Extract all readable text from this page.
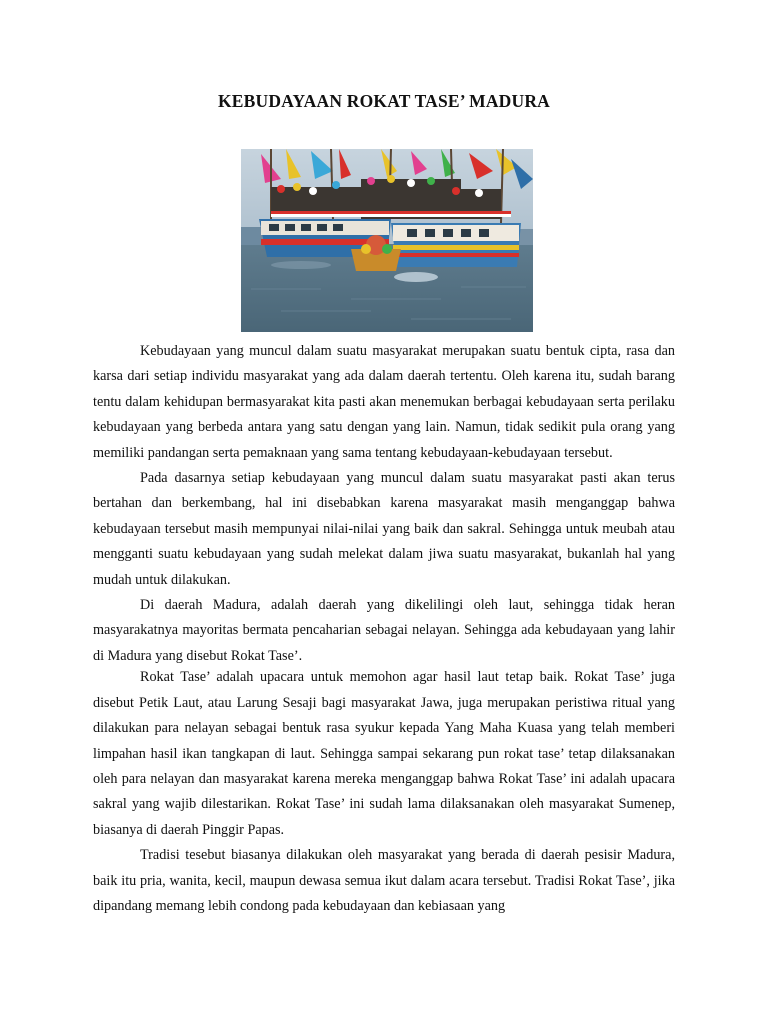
KEBUDAYAAN ROKAT TASE’ MADURA

Kebudayaan yang muncul dalam suatu masyarakat merupakan suatu bentuk cipta, rasa dan karsa dari setiap individu masyarakat yang ada dalam daerah tertentu. Oleh karena itu, sudah barang tentu dalam kehidupan bermasyarakat kita pasti akan menemukan berbagai kebudayaan serta perilaku kebudayaan yang berbeda antara yang satu dengan yang lain. Namun, tidak sedikit pula orang yang memiliki pandangan serta pemaknaan yang sama tentang kebudayaan-kebudayaan tersebut.

Pada dasarnya setiap kebudayaan yang muncul dalam suatu masyarakat pasti akan terus bertahan dan berkembang, hal ini disebabkan karena masyarakat masih menganggap bahwa kebudayaan tersebut masih mempunyai nilai-nilai yang baik dan sakral. Sehingga untuk meubah atau mengganti suatu kebudayaan yang sudah melekat dalam jiwa suatu masyarakat, bukanlah hal yang mudah untuk dilakukan.

Di daerah Madura, adalah daerah yang dikelilingi oleh laut, sehingga tidak heran masyarakatnya mayoritas bermata pencaharian sebagai nelayan. Sehingga ada kebudayaan yang lahir di Madura yang disebut Rokat Tase’.

Rokat Tase’ adalah upacara untuk memohon agar hasil laut tetap baik. Rokat Tase’ juga disebut Petik Laut, atau Larung Sesaji bagi masyarakat Jawa, juga merupakan peristiwa ritual yang dilakukan para nelayan sebagai bentuk rasa syukur kepada Yang Maha Kuasa yang telah memberi limpahan hasil ikan tangkapan di laut. Sehingga sampai sekarang pun rokat tase’ tetap dilaksanakan oleh para nelayan dan masyarakat karena mereka menganggap bahwa Rokat Tase’ ini adalah upacara sakral yang wajib dilestarikan. Rokat Tase’ ini sudah lama dilaksanakan oleh masyarakat Sumenep, biasanya di daerah Pinggir Papas.

Tradisi tesebut biasanya dilakukan oleh masyarakat yang berada di daerah pesisir Madura, baik itu pria, wanita, kecil, maupun dewasa semua ikut dalam acara tersebut. Tradisi Rokat Tase’, jika dipandang memang lebih condong pada kebudayaan dan kebiasaan yang
